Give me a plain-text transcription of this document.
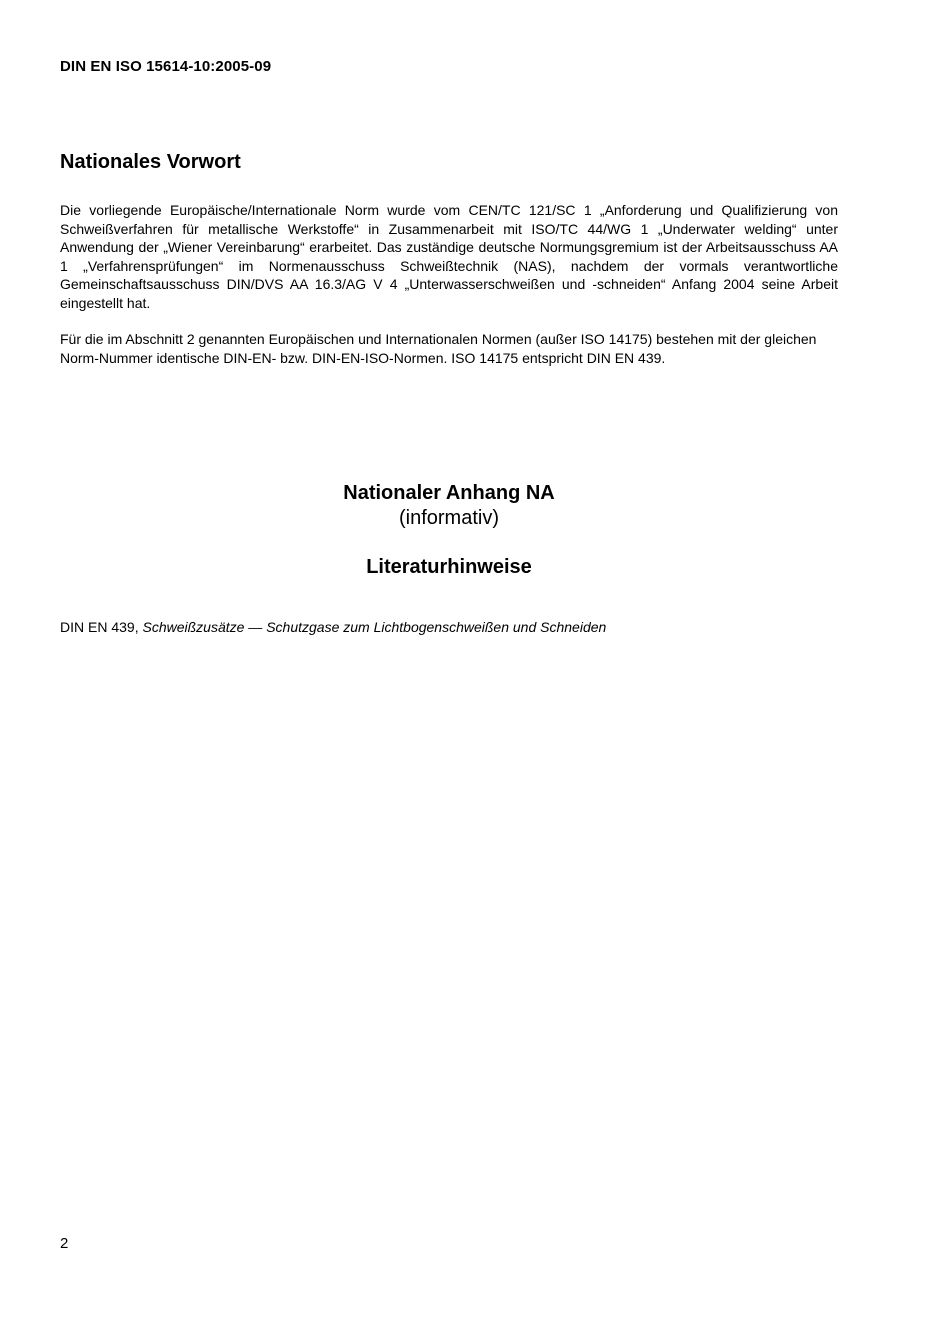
DIN EN ISO 15614-10:2005-09
Nationales Vorwort

Die vorliegende Europäische/Internationale Norm wurde vom CEN/TC 121/SC 1 „Anforderung und Qualifizierung von Schweißverfahren für metallische Werkstoffe“ in Zusammenarbeit mit ISO/TC 44/WG 1 „Underwater welding“ unter Anwendung der „Wiener Vereinbarung“ erarbeitet. Das zuständige deutsche Normungsgremium ist der Arbeitsausschuss AA 1 „Verfahrensprüfungen“ im Normenausschuss Schweißtechnik (NAS), nachdem der vormals verantwortliche Gemeinschaftsausschuss DIN/DVS AA 16.3/AG V 4 „Unterwasserschweißen und -schneiden“ Anfang 2004 seine Arbeit eingestellt hat.

Für die im Abschnitt 2 genannten Europäischen und Internationalen Normen (außer ISO 14175) bestehen mit der gleichen Norm-Nummer identische DIN-EN- bzw. DIN-EN-ISO-Normen. ISO 14175 entspricht DIN EN 439.

Nationaler Anhang NA
(informativ)
Literaturhinweise
DIN EN 439, Schweißzusätze — Schutzgase zum Lichtbogenschweißen und Schneiden
2
